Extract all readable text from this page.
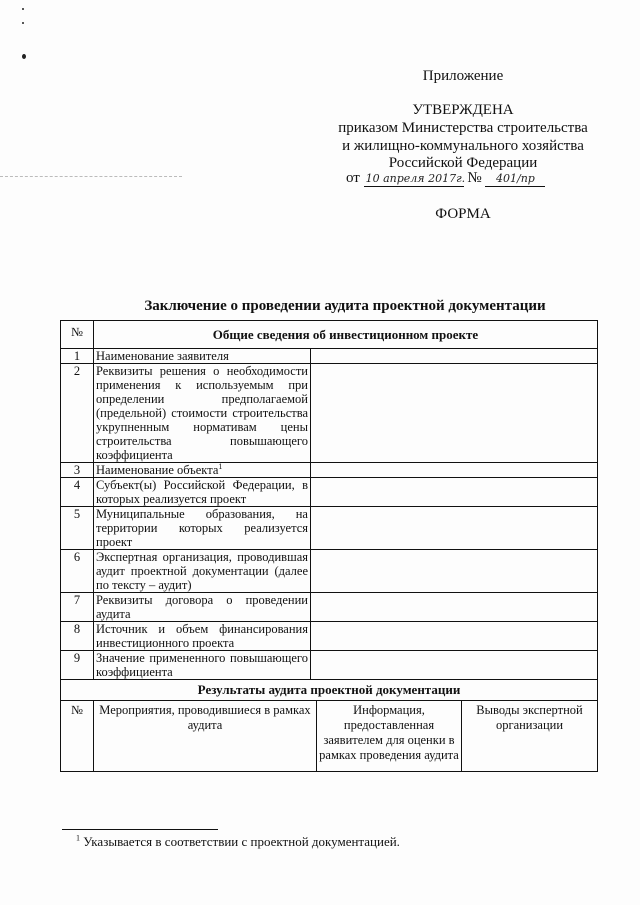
Приложение
УТВЕРЖДЕНА
приказом Министерства строительства
и жилищно-коммунального хозяйства
Российской Федерации
от 10 апреля 2017г. № 401/пр
ФОРМА
Заключение о проведении аудита проектной документации
№	Общие сведения об инвестиционном проекте
1	Наименование заявителя	
2	Реквизиты решения о необходимости применения к используемым при определении предполагаемой (предельной) стоимости строительства укрупненным нормативам цены строительства повышающего коэффициента	
3	Наименование объекта$^1$	
4	Субъект(ы) Российской Федерации, в которых реализуется проект	
5	Муниципальные образования, на территории которых реализуется проект	
6	Экспертная организация, проводившая аудит проектной документации (далее по тексту – аудит)	
7	Реквизиты договора о проведении аудита	
8	Источник и объем финансирования инвестиционного проекта	
9	Значение примененного повышающего коэффициента	
Результаты аудита проектной документации

№	Мероприятия, проводившиеся в рамках аудита	Информация, предоставленная заявителем для оценки в рамках проведения аудита	Выводы экспертной организации
$^1$ Указывается в соответствии с проектной документацией.
